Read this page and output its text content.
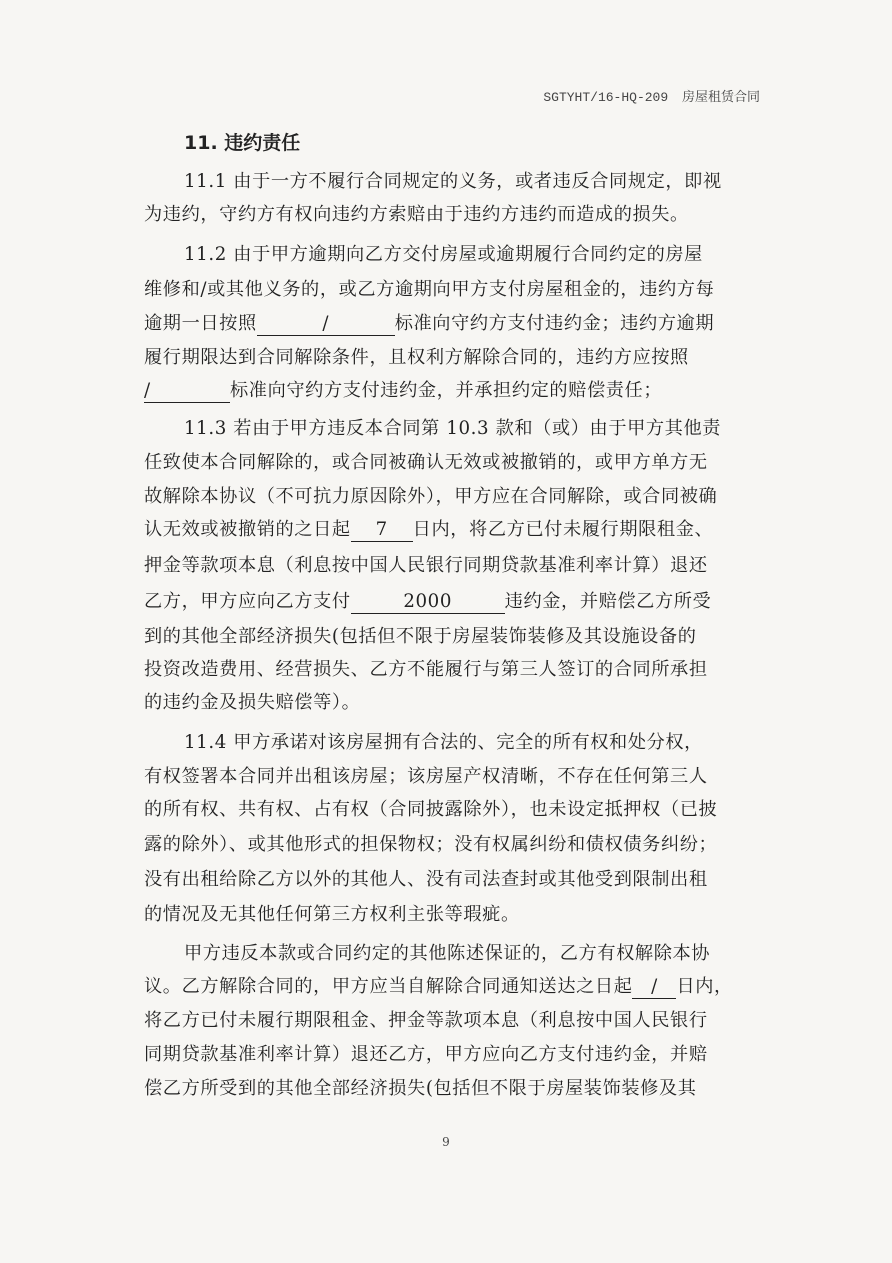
SGTYHT/16-HQ-209 房屋租赁合同
11. 违约责任
11.1 由于一方不履行合同规定的义务，或者违反合同规定，即视
为违约，守约方有权向违约方索赔由于违约方违约而造成的损失。
11.2 由于甲方逾期向乙方交付房屋或逾期履行合同约定的房屋
维修和/或其他义务的，或乙方逾期向甲方支付房屋租金的，违约方每
逾期一日按照	/	标准向守约方支付违约金；违约方逾期
履行期限达到合同解除条件，且权利方解除合同的，违约方应按照
/	标准向守约方支付违约金，并承担约定的赔偿责任；
11.3 若由于甲方违反本合同第 10.3 款和（或）由于甲方其他责
任致使本合同解除的，或合同被确认无效或被撤销的，或甲方单方无
故解除本协议（不可抗力原因除外），甲方应在合同解除，或合同被确
认无效或被撤销的之日起 7 日内，将乙方已付未履行期限租金、
押金等款项本息（利息按中国人民银行同期贷款基准利率计算）退还
乙方，甲方应向乙方支付	2000	违约金，并赔偿乙方所受
到的其他全部经济损失(包括但不限于房屋装饰装修及其设施设备的
投资改造费用、经营损失、乙方不能履行与第三人签订的合同所承担
的违约金及损失赔偿等）。
11.4 甲方承诺对该房屋拥有合法的、完全的所有权和处分权，
有权签署本合同并出租该房屋；该房屋产权清晰，不存在任何第三人
的所有权、共有权、占有权（合同披露除外），也未设定抵押权（已披
露的除外）、或其他形式的担保物权；没有权属纠纷和债权债务纠纷；
没有出租给除乙方以外的其他人、没有司法查封或其他受到限制出租
的情况及无其他任何第三方权利主张等瑕疵。
甲方违反本款或合同约定的其他陈述保证的，乙方有权解除本协
议。乙方解除合同的，甲方应当自解除合同通知送达之日起 / 日内，
将乙方已付未履行期限租金、押金等款项本息（利息按中国人民银行
同期贷款基准利率计算）退还乙方，甲方应向乙方支付违约金，并赔
偿乙方所受到的其他全部经济损失(包括但不限于房屋装饰装修及其
9
